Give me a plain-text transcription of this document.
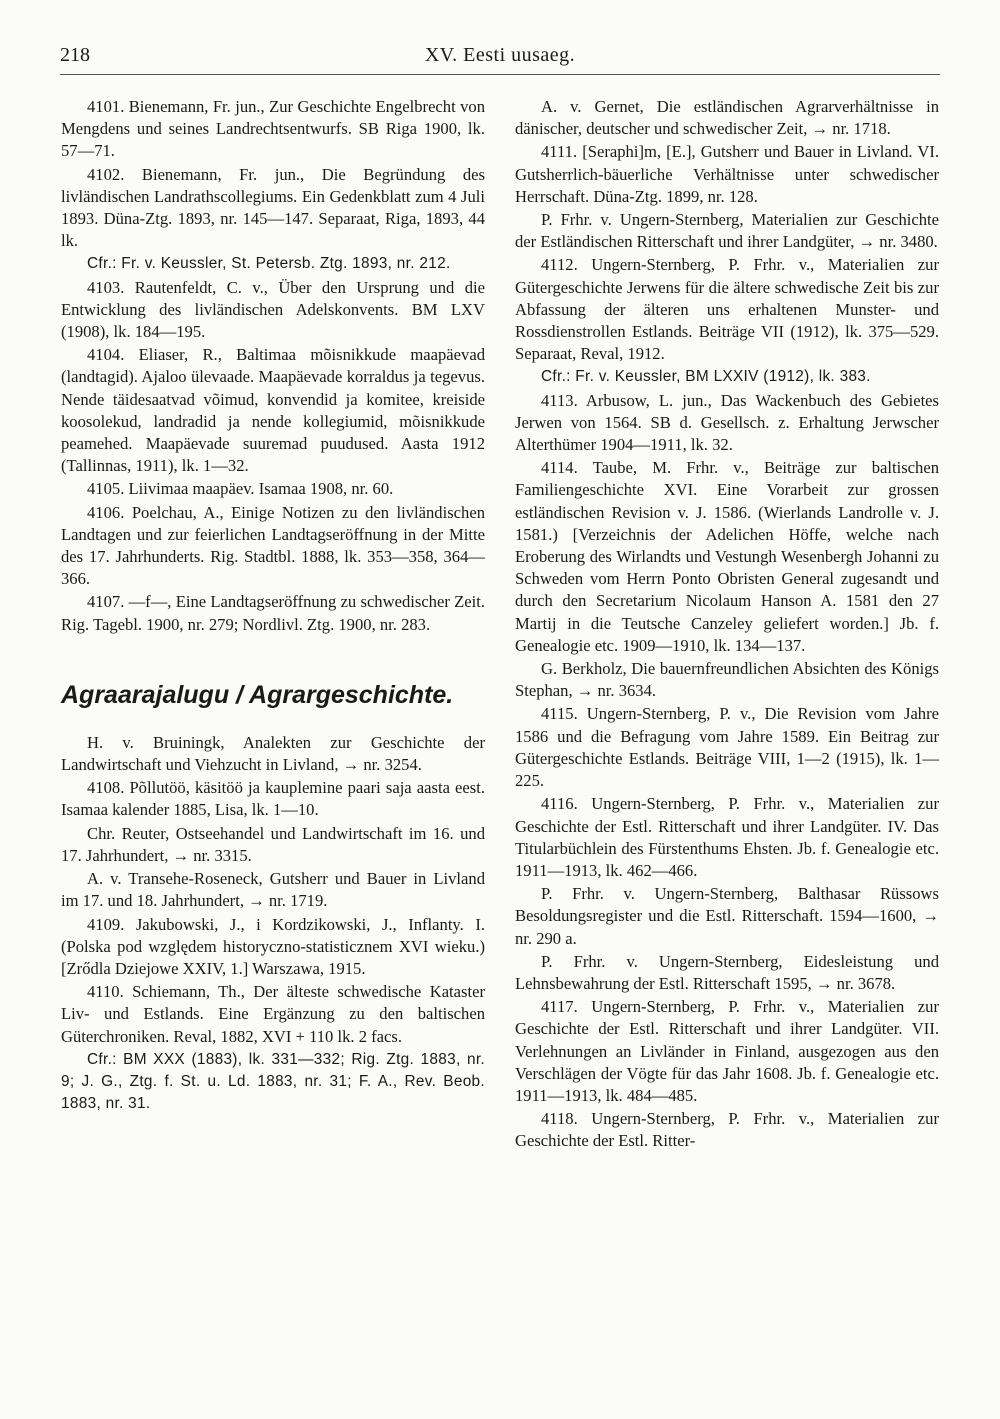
218	XV. Eesti uusaeg.

4101. Bienemann, Fr. jun., Zur Geschichte Engelbrecht von Mengdens und seines Landrechtsentwurfs. SB Riga 1900, lk. 57—71.

4102. Bienemann, Fr. jun., Die Begründung des livländischen Landrathscollegiums. Ein Gedenkblatt zum 4 Juli 1893. Düna-Ztg. 1893, nr. 145—147. Separaat, Riga, 1893, 44 lk.

Cfr.: Fr. v. Keussler, St. Petersb. Ztg. 1893, nr. 212.

4103. Rautenfeldt, C. v., Über den Ursprung und die Entwicklung des livländischen Adelskonvents. BM LXV (1908), lk. 184—195.

4104. Eliaser, R., Baltimaa mõisnikkude maapäevad (landtagid). Ajaloo ülevaade. Maapäevade korraldus ja tegevus. Nende täidesaatvad võimud, konvendid ja komitee, kreiside koosolekud, landradid ja nende kollegiumid, mõisnikkude peamehed. Maapäevade suuremad puudused. Aasta 1912 (Tallinnas, 1911), lk. 1—32.

4105. Liivimaa maapäev. Isamaa 1908, nr. 60.

4106. Poelchau, A., Einige Notizen zu den livländischen Landtagen und zur feierlichen Landtagseröffnung in der Mitte des 17. Jahrhunderts. Rig. Stadtbl. 1888, lk. 353—358, 364—366.

4107. —f—, Eine Landtagseröffnung zu schwedischer Zeit. Rig. Tagebl. 1900, nr. 279; Nordlivl. Ztg. 1900, nr. 283.

Agraarajalugu / Agrargeschichte.

H. v. Bruiningk, Analekten zur Geschichte der Landwirtschaft und Viehzucht in Livland, → nr. 3254.

4108. Põllutöö, käsitöö ja kauplemine paari saja aasta eest. Isamaa kalender 1885, Lisa, lk. 1—10.

Chr. Reuter, Ostseehandel und Landwirtschaft im 16. und 17. Jahrhundert, → nr. 3315.

A. v. Transehe-Roseneck, Gutsherr und Bauer in Livland im 17. und 18. Jahrhundert, → nr. 1719.

4109. Jakubowski, J., i Kordzikowski, J., Inflanty. I. (Polska pod względem historyczno-statisticznem XVI wieku.) [Zrődla Dziejowe XXIV, 1.] Warszawa, 1915.

4110. Schiemann, Th., Der älteste schwedische Kataster Liv- und Estlands. Eine Ergänzung zu den baltischen Güterchroniken. Reval, 1882, XVI + 110 lk. 2 facs.

Cfr.: BM XXX (1883), lk. 331—332; Rig. Ztg. 1883, nr. 9; J. G., Ztg. f. St. u. Ld. 1883, nr. 31; F. A., Rev. Beob. 1883, nr. 31.

A. v. Gernet, Die estländischen Agrarverhältnisse in dänischer, deutscher und schwedischer Zeit, → nr. 1718.

4111. [Seraphi]m, [E.], Gutsherr und Bauer in Livland. VI. Gutsherrlich-bäuerliche Verhältnisse unter schwedischer Herrschaft. Düna-Ztg. 1899, nr. 128.

P. Frhr. v. Ungern-Sternberg, Materialien zur Geschichte der Estländischen Ritterschaft und ihrer Landgüter, → nr. 3480.

4112. Ungern-Sternberg, P. Frhr. v., Materialien zur Gütergeschichte Jerwens für die ältere schwedische Zeit bis zur Abfassung der älteren uns erhaltenen Munster- und Rossdienstrollen Estlands. Beiträge VII (1912), lk. 375—529. Separaat, Reval, 1912.

Cfr.: Fr. v. Keussler, BM LXXIV (1912), lk. 383.

4113. Arbusow, L. jun., Das Wackenbuch des Gebietes Jerwen von 1564. SB d. Gesellsch. z. Erhaltung Jerwscher Alterthümer 1904—1911, lk. 32.

4114. Taube, M. Frhr. v., Beiträge zur baltischen Familiengeschichte XVI. Eine Vorarbeit zur grossen estländischen Revision v. J. 1586. (Wierlands Landrolle v. J. 1581.) [Verzeichnis der Adelichen Höffe, welche nach Eroberung des Wirlandts und Vestungh Wesenbergh Johanni zu Schweden vom Herrn Ponto Obristen General zugesandt und durch den Secretarium Nicolaum Hanson A. 1581 den 27 Martij in die Teutsche Canzeley geliefert worden.] Jb. f. Genealogie etc. 1909—1910, lk. 134—137.

G. Berkholz, Die bauernfreundlichen Absichten des Königs Stephan, → nr. 3634.

4115. Ungern-Sternberg, P. v., Die Revision vom Jahre 1586 und die Befragung vom Jahre 1589. Ein Beitrag zur Gütergeschichte Estlands. Beiträge VIII, 1—2 (1915), lk. 1—225.

4116. Ungern-Sternberg, P. Frhr. v., Materialien zur Geschichte der Estl. Ritterschaft und ihrer Landgüter. IV. Das Titularbüchlein des Fürstenthums Ehsten. Jb. f. Genealogie etc. 1911—1913, lk. 462—466.

P. Frhr. v. Ungern-Sternberg, Balthasar Rüssows Besoldungsregister und die Estl. Ritterschaft. 1594—1600, → nr. 290 a.

P. Frhr. v. Ungern-Sternberg, Eidesleistung und Lehnsbewahrung der Estl. Ritterschaft 1595, → nr. 3678.

4117. Ungern-Sternberg, P. Frhr. v., Materialien zur Geschichte der Estl. Ritterschaft und ihrer Landgüter. VII. Verlehnungen an Livländer in Finland, ausgezogen aus den Verschlägen der Vögte für das Jahr 1608. Jb. f. Genealogie etc. 1911—1913, lk. 484—485.

4118. Ungern-Sternberg, P. Frhr. v., Materialien zur Geschichte der Estl. Ritter-
